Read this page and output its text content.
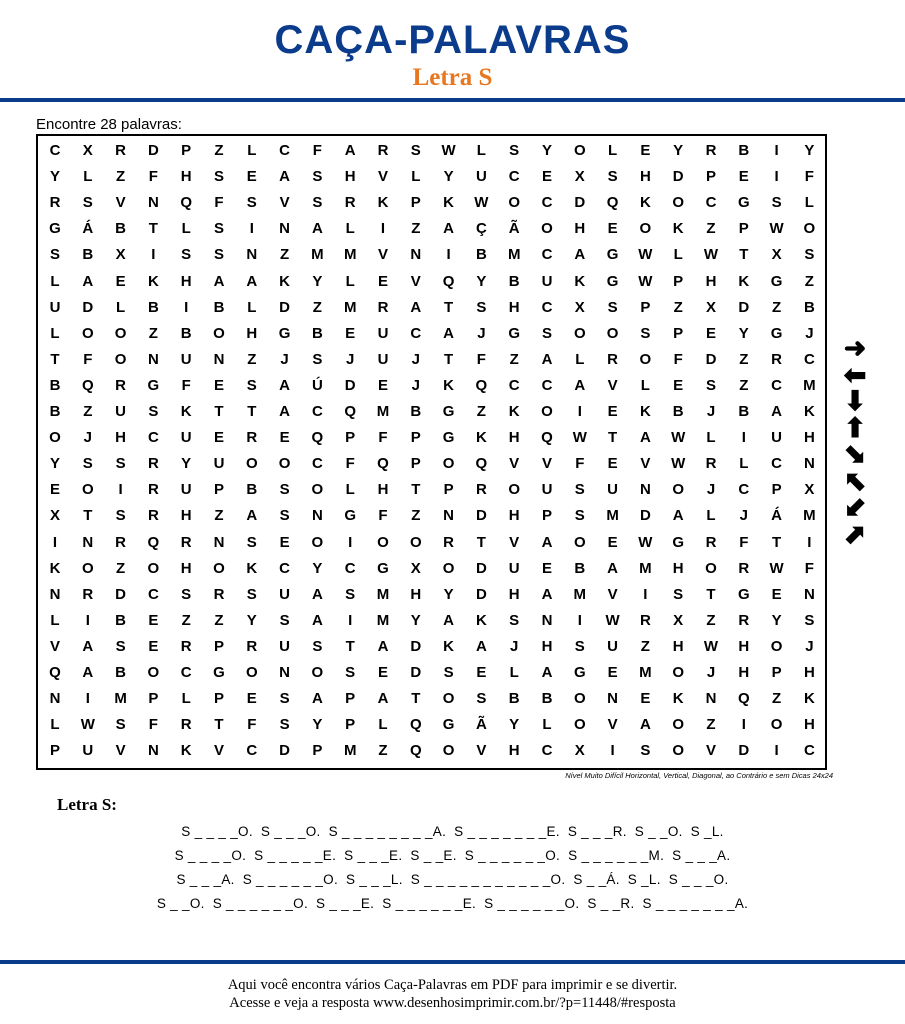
CAÇA-PALAVRAS
Letra S
Encontre 28 palavras:
C	X	R	D	P	Z	L	C	F	A	R	S	W	L	S	Y	O	L	E	Y	R	B	I	Y
Y	L	Z	F	H	S	E	A	S	H	V	L	Y	U	C	E	X	S	H	D	P	E	I	F
R	S	V	N	Q	F	S	V	S	R	K	P	K	W	O	C	D	Q	K	O	C	G	S	L
G	Á	B	T	L	S	I	N	A	L	I	Z	A	Ç	Ã	O	H	E	O	K	Z	P	W	O
S	B	X	I	S	S	N	Z	M	M	V	N	I	B	M	C	A	G	W	L	W	T	X	S
L	A	E	K	H	A	A	K	Y	L	E	V	Q	Y	B	U	K	G	W	P	H	K	G	Z
U	D	L	B	I	B	L	D	Z	M	R	A	T	S	H	C	X	S	P	Z	X	D	Z	B
L	O	O	Z	B	O	H	G	B	E	U	C	A	J	G	S	O	O	S	P	E	Y	G	J
T	F	O	N	U	N	Z	J	S	J	U	J	T	F	Z	A	L	R	O	F	D	Z	R	C
B	Q	R	G	F	E	S	A	Ú	D	E	J	K	Q	C	C	A	V	L	E	S	Z	C	M
B	Z	U	S	K	T	T	A	C	Q	M	B	G	Z	K	O	I	E	K	B	J	B	A	K
O	J	H	C	U	E	R	E	Q	P	F	P	G	K	H	Q	W	T	A	W	L	I	U	H
Y	S	S	R	Y	U	O	O	C	F	Q	P	O	Q	V	V	F	E	V	W	R	L	C	N
E	O	I	R	U	P	B	S	O	L	H	T	P	R	O	U	S	U	N	O	J	C	P	X
X	T	S	R	H	Z	A	S	N	G	F	Z	N	D	H	P	S	M	D	A	L	J	Á	M
I	N	R	Q	R	N	S	E	O	I	O	O	R	T	V	A	O	E	W	G	R	F	T	I
K	O	Z	O	H	O	K	C	Y	C	G	X	O	D	U	E	B	A	M	H	O	R	W	F
N	R	D	C	S	R	S	U	A	S	M	H	Y	D	H	A	M	V	I	S	T	G	E	N
L	I	B	E	Z	Z	Y	S	A	I	M	Y	A	K	S	N	I	W	R	X	Z	R	Y	S
V	A	S	E	R	P	R	U	S	T	A	D	K	A	J	H	S	U	Z	H	W	H	O	J
Q	A	B	O	C	G	O	N	O	S	E	D	S	E	L	A	G	E	M	O	J	H	P	H
N	I	M	P	L	P	E	S	A	P	A	T	O	S	B	B	O	N	E	K	N	Q	Z	K
L	W	S	F	R	T	F	S	Y	P	L	Q	G	Ã	Y	L	O	V	A	O	Z	I	O	H
P	U	V	N	K	V	C	D	P	M	Z	Q	O	V	H	C	X	I	S	O	V	D	I	C
Nível Muito Difícil Horizontal, Vertical, Diagonal, ao Contrário e sem Dicas 24x24
➜
⬅
⬇
⬆
⬊
⬉
⬋
⬈
Letra S:
S _ _ _ _O. S _ _ _O. S _ _ _ _ _ _ _ _A. S _ _ _ _ _ _ _E. S _ _ _R. S _ _O. S _L.
S _ _ _ _O. S _ _ _ _ _E. S _ _ _E. S _ _E. S _ _ _ _ _ _O. S _ _ _ _ _ _M. S _ _ _A.
S _ _ _A. S _ _ _ _ _ _O. S _ _ _L. S _ _ _ _ _ _ _ _ _ _ _O. S _ _Á. S _L. S _ _ _O.
S _ _O. S _ _ _ _ _ _O. S _ _ _E. S _ _ _ _ _ _E. S _ _ _ _ _ _O. S _ _R. S _ _ _ _ _ _ _A.
Aqui você encontra vários Caça-Palavras em PDF para imprimir e se divertir.
Acesse e veja a resposta www.desenhosimprimir.com.br/?p=11448/#resposta
